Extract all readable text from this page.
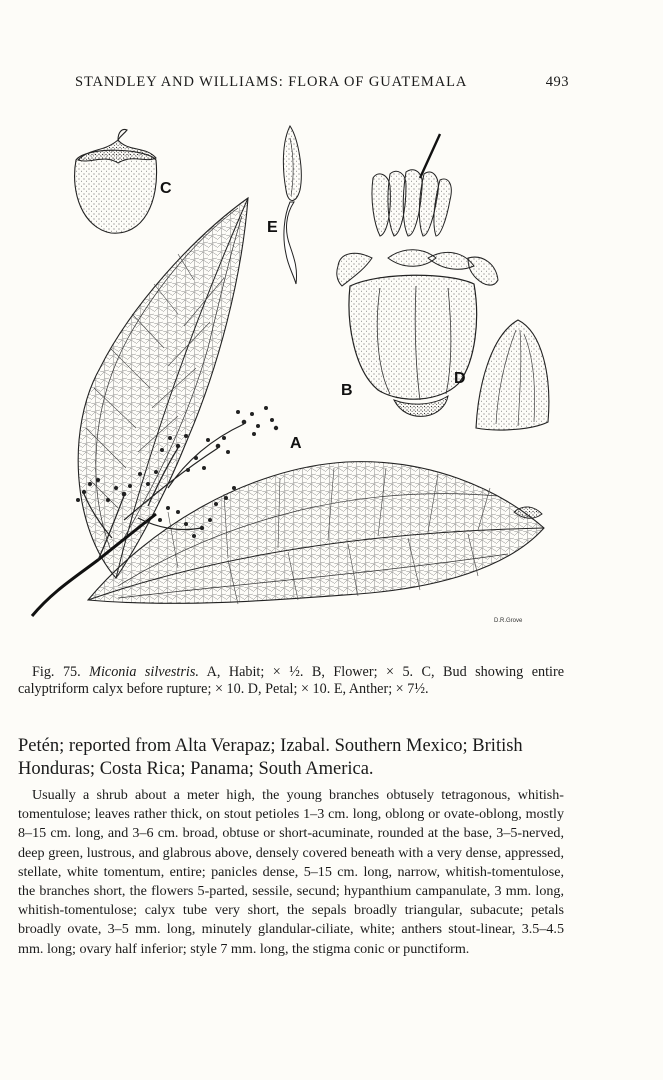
STANDLEY AND WILLIAMS: FLORA OF GUATEMALA	493
C
E
B
D
A
D.R.Grove
Fig. 75. Miconia silvestris. A, Habit; × ½. B, Flower; × 5. C, Bud showing entire calyptriform calyx before rupture; × 10. D, Petal; × 10. E, Anther; × 7½.
Petén; reported from Alta Verapaz; Izabal. Southern Mexico; British Honduras; Costa Rica; Panama; South America.
Usually a shrub about a meter high, the young branches obtusely tetragonous, whitish-tomentulose; leaves rather thick, on stout petioles 1–3 cm. long, oblong or ovate-oblong, mostly 8–15 cm. long, and 3–6 cm. broad, obtuse or short-acuminate, rounded at the base, 3–5-nerved, deep green, lustrous, and glabrous above, densely covered beneath with a very dense, appressed, stellate, white tomentum, entire; panicles dense, 5–15 cm. long, narrow, whitish-tomentulose, the branches short, the flowers 5-parted, sessile, secund; hypanthium campanulate, 3 mm. long, whitish-tomentulose; calyx tube very short, the sepals broadly triangular, subacute; petals broadly ovate, 3–5 mm. long, minutely glandular-ciliate, white; anthers stout-linear, 3.5–4.5 mm. long; ovary half inferior; style 7 mm. long, the stigma conic or punctiform.
